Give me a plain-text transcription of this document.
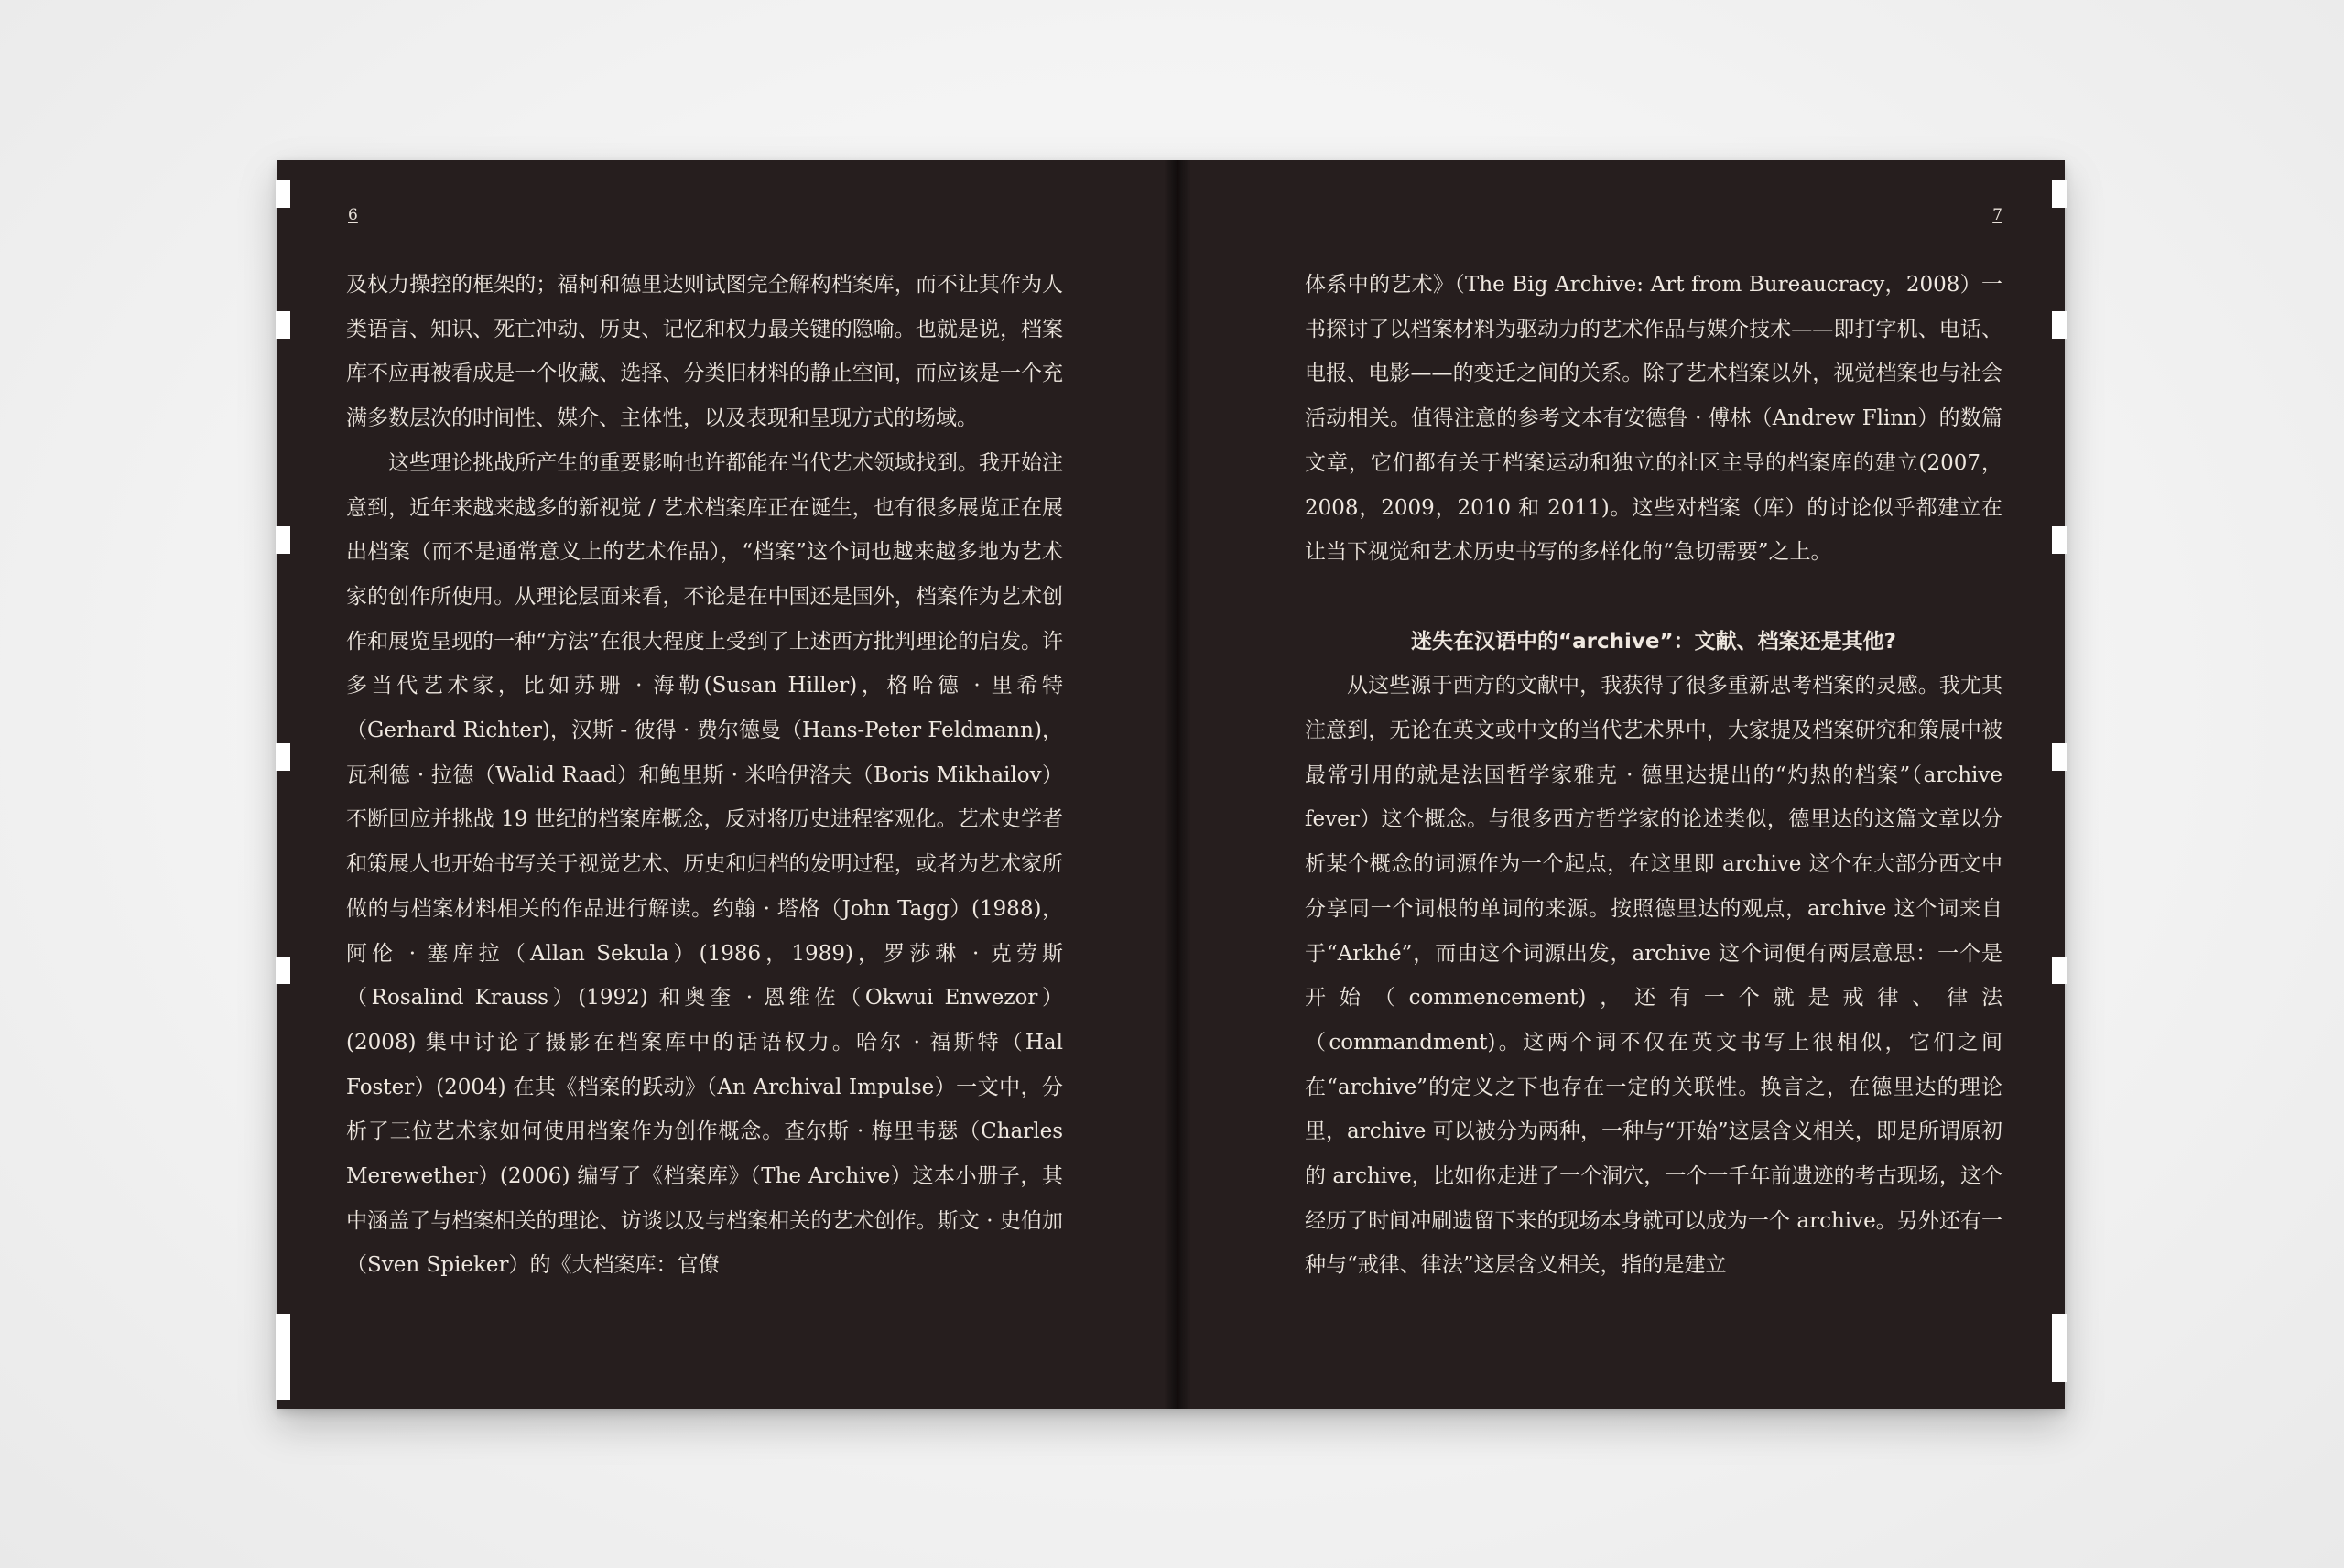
6

及权力操控的框架的；福柯和德里达则试图完全解构档案库，而不让其作为人类语言、知识、死亡冲动、历史、记忆和权力最关键的隐喻。也就是说，档案库不应再被看成是一个收藏、选择、分类旧材料的静止空间，而应该是一个充满多数层次的时间性、媒介、主体性，以及表现和呈现方式的场域。

这些理论挑战所产生的重要影响也许都能在当代艺术领域找到。我开始注意到，近年来越来越多的新视觉 / 艺术档案库正在诞生，也有很多展览正在展出档案（而不是通常意义上的艺术作品），“档案”这个词也越来越多地为艺术家的创作所使用。从理论层面来看，不论是在中国还是国外，档案作为艺术创作和展览呈现的一种“方法”在很大程度上受到了上述西方批判理论的启发。许多当代艺术家，比如苏珊 · 海勒(Susan Hiller)，格哈德 · 里希特（Gerhard Richter)，汉斯 - 彼得 · 费尔德曼（Hans-Peter Feldmann)，瓦利德 · 拉德（Walid Raad）和鲍里斯 · 米哈伊洛夫（Boris Mikhailov）不断回应并挑战 19 世纪的档案库概念，反对将历史进程客观化。艺术史学者和策展人也开始书写关于视觉艺术、历史和归档的发明过程，或者为艺术家所做的与档案材料相关的作品进行解读。约翰 · 塔格（John Tagg）(1988)，阿伦 · 塞库拉（Allan Sekula）(1986，1989)，罗莎琳 · 克劳斯（Rosalind Krauss）(1992) 和奥奎 · 恩维佐（Okwui Enwezor）(2008) 集中讨论了摄影在档案库中的话语权力。哈尔 · 福斯特（Hal Foster）(2004) 在其《档案的跃动》（An Archival Impulse）一文中，分析了三位艺术家如何使用档案作为创作概念。查尔斯 · 梅里韦瑟（Charles Merewether）(2006) 编写了《档案库》（The Archive）这本小册子，其中涵盖了与档案相关的理论、访谈以及与档案相关的艺术创作。斯文 · 史伯加（Sven Spieker）的《大档案库：官僚

7

体系中的艺术》（The Big Archive: Art from Bureaucracy，2008）一书探讨了以档案材料为驱动力的艺术作品与媒介技术——即打字机、电话、电报、电影——的变迁之间的关系。除了艺术档案以外，视觉档案也与社会活动相关。值得注意的参考文本有安德鲁 · 傅林（Andrew Flinn）的数篇文章，它们都有关于档案运动和独立的社区主导的档案库的建立(2007，2008，2009，2010 和 2011)。这些对档案（库）的讨论似乎都建立在让当下视觉和艺术历史书写的多样化的“急切需要”之上。

迷失在汉语中的“archive”：文献、档案还是其他?

从这些源于西方的文献中，我获得了很多重新思考档案的灵感。我尤其注意到，无论在英文或中文的当代艺术界中，大家提及档案研究和策展中被最常引用的就是法国哲学家雅克 · 德里达提出的“灼热的档案”（archive fever）这个概念。与很多西方哲学家的论述类似，德里达的这篇文章以分析某个概念的词源作为一个起点，在这里即 archive 这个在大部分西文中分享同一个词根的单词的来源。按照德里达的观点，archive 这个词来自于“Arkhé”，而由这个词源出发，archive 这个词便有两层意思：一个是开始（commencement)，还有一个就是戒律、律法（commandment)。这两个词不仅在英文书写上很相似，它们之间在“archive”的定义之下也存在一定的关联性。换言之，在德里达的理论里，archive 可以被分为两种，一种与“开始”这层含义相关，即是所谓原初的 archive，比如你走进了一个洞穴，一个一千年前遗迹的考古现场，这个经历了时间冲刷遗留下来的现场本身就可以成为一个 archive。另外还有一种与“戒律、律法”这层含义相关，指的是建立
